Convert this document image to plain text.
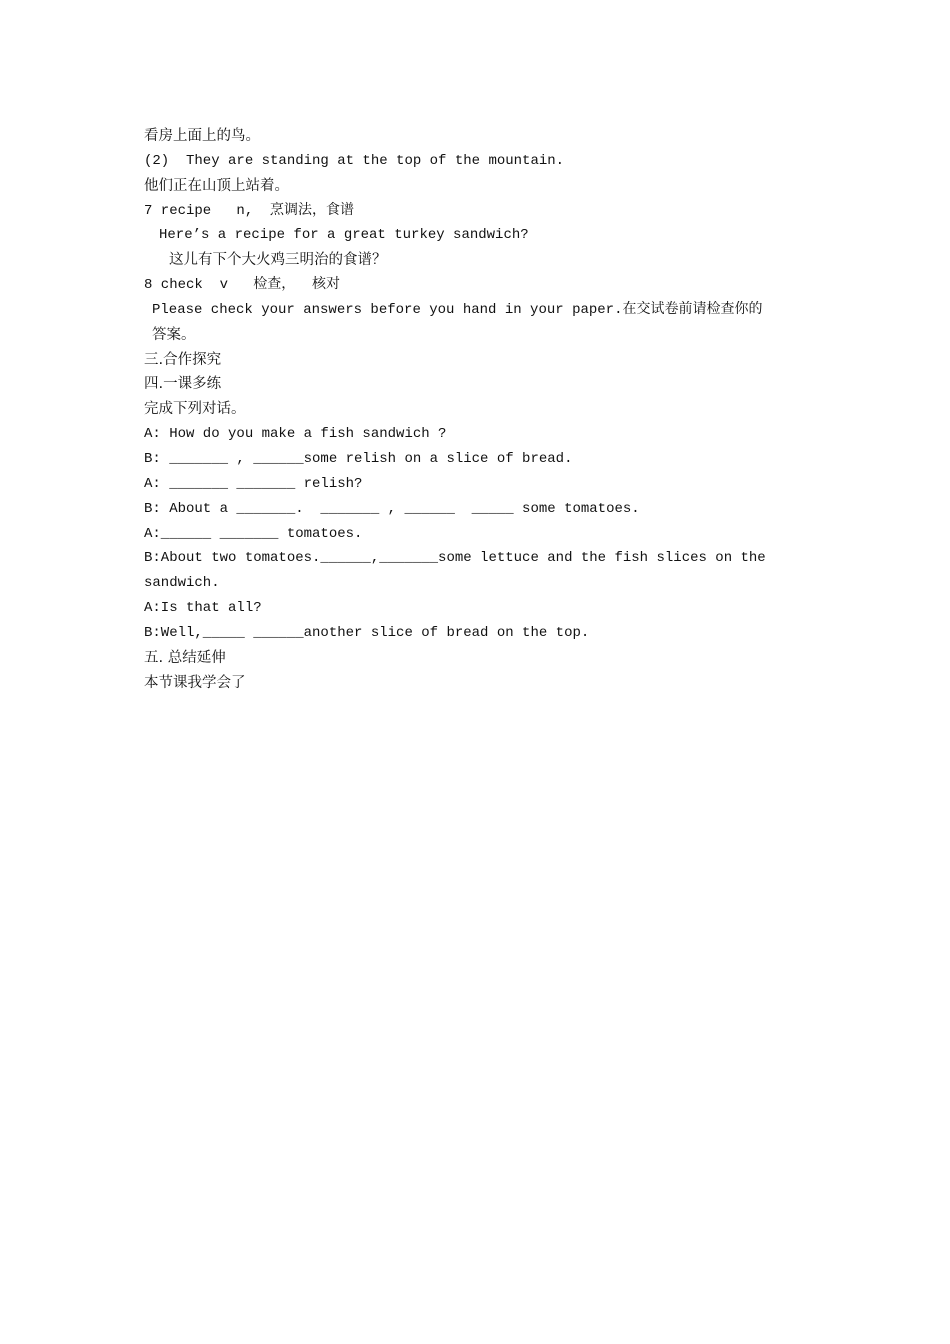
看房上面上的鸟。
(2)  They are standing at the top of the mountain.
他们正在山顶上站着。
7 recipe   n,  烹调法，食谱
Here’s a recipe for a great turkey sandwich?
这儿有下个大火鸡三明治的食谱？
8 check  v   检查，  核对
Please check your answers before you hand in your paper.在交试卷前请检查你的
答案。
三.合作探究
四.一课多练
完成下列对话。
A: How do you make a fish sandwich ?
B: _______ , ______some relish on a slice of bread.
A: _______ _______ relish?
B: About a _______.  _______ , ______  _____ some tomatoes.
A:______ _______ tomatoes.
B:About two tomatoes.______,_______some lettuce and the fish slices on the
sandwich.
A:Is that all?
B:Well,_____ ______another slice of bread on the top.
五. 总结延伸
本节课我学会了
